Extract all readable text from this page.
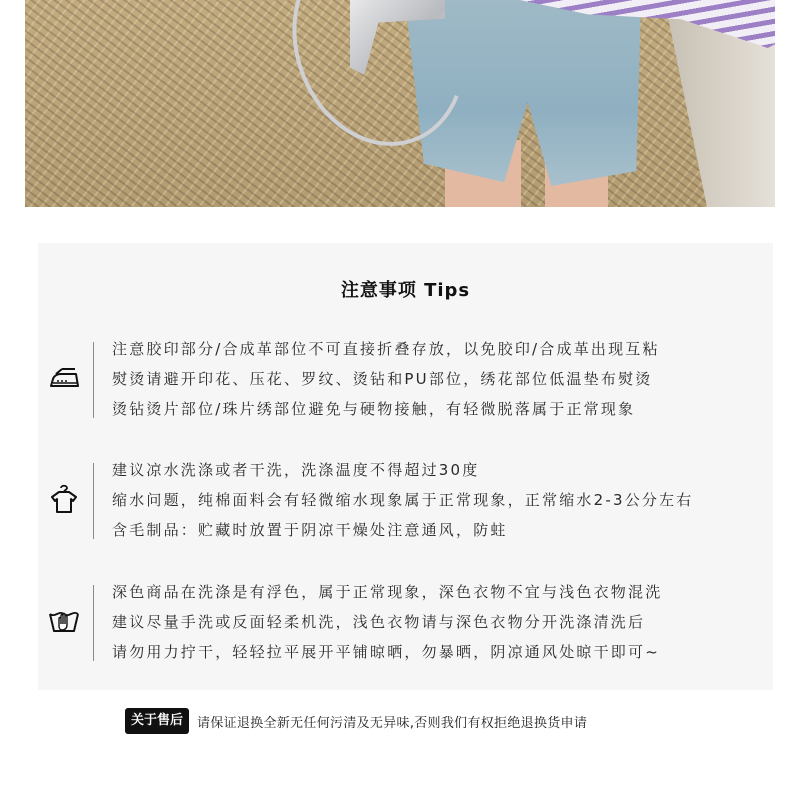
注意事项 Tips
注意胶印部分/合成革部位不可直接折叠存放，以免胶印/合成革出现互粘
熨烫请避开印花、压花、罗纹、烫钻和PU部位，绣花部位低温垫布熨烫
烫钻烫片部位/珠片绣部位避免与硬物接触，有轻微脱落属于正常现象
建议凉水洗涤或者干洗，洗涤温度不得超过30度
缩水问题，纯棉面料会有轻微缩水现象属于正常现象，正常缩水2-3公分左右
含毛制品：贮藏时放置于阴凉干燥处注意通风，防蛀
深色商品在洗涤是有浮色，属于正常现象，深色衣物不宜与浅色衣物混洗
建议尽量手洗或反面轻柔机洗，浅色衣物请与深色衣物分开洗涤清洗后
请勿用力拧干，轻轻拉平展开平铺晾晒，勿暴晒，阴凉通风处晾干即可~
关于售后 请保证退换全新无任何污清及无异味,否则我们有权拒绝退换货申请
